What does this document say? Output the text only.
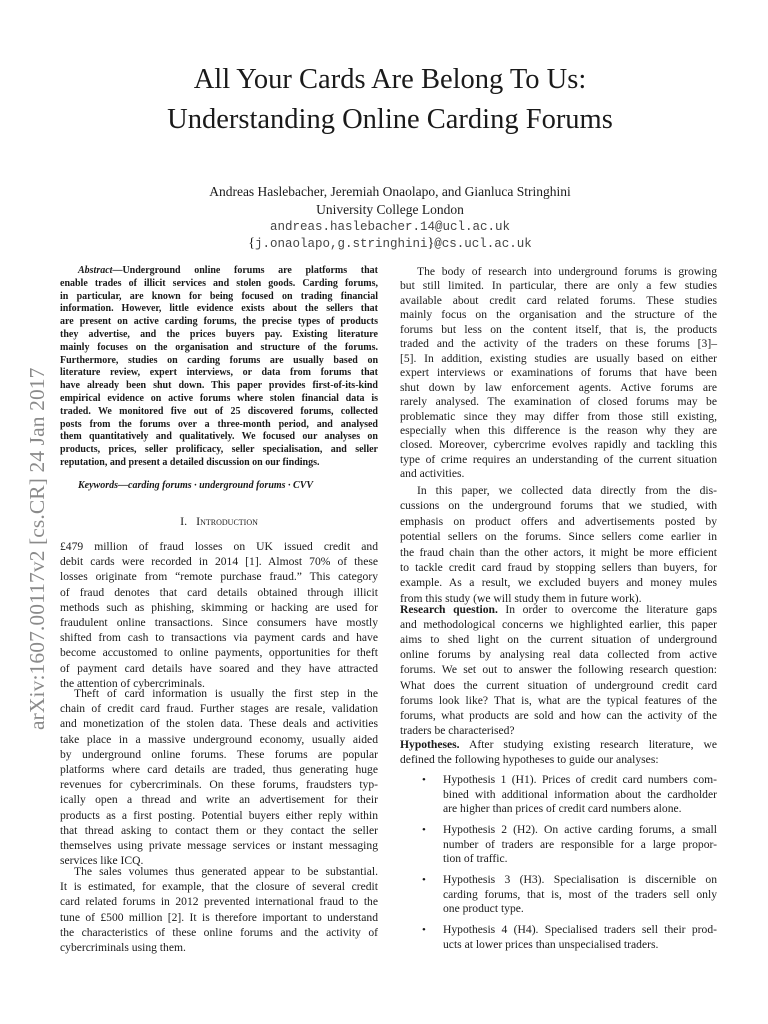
All Your Cards Are Belong To Us:
Understanding Online Carding Forums
Andreas Haslebacher, Jeremiah Onaolapo, and Gianluca Stringhini
University College London
andreas.haslebacher.14@ucl.ac.uk
{j.onaolapo,g.stringhini}@cs.ucl.ac.uk
arXiv:1607.00117v2 [cs.CR] 24 Jan 2017
Abstract—Underground online forums are platforms that
enable trades of illicit services and stolen goods. Carding forums,
in particular, are known for being focused on trading financial
information. However, little evidence exists about the sellers that
are present on active carding forums, the precise types of products
they advertise, and the prices buyers pay. Existing literature
mainly focuses on the organisation and structure of the forums.
Furthermore, studies on carding forums are usually based on
literature review, expert interviews, or data from forums that
have already been shut down. This paper provides first-of-its-kind
empirical evidence on active forums where stolen financial data is
traded. We monitored five out of 25 discovered forums, collected
posts from the forums over a three-month period, and analysed
them quantitatively and qualitatively. We focused our analyses on
products, prices, seller prolificacy, seller specialisation, and seller
reputation, and present a detailed discussion on our findings.
Keywords—carding forums · underground forums · CVV
I. Introduction
£479 million of fraud losses on UK issued credit and
debit cards were recorded in 2014 [1]. Almost 70% of these
losses originate from “remote purchase fraud.” This category
of fraud denotes that card details obtained through illicit
methods such as phishing, skimming or hacking are used for
fraudulent online transactions. Since consumers have mostly
shifted from cash to transactions via payment cards and have
become accustomed to online payments, opportunities for theft
of payment card details have soared and they have attracted
the attention of cybercriminals.
Theft of card information is usually the first step in the
chain of credit card fraud. Further stages are resale, validation
and monetization of the stolen data. These deals and activities
take place in a massive underground economy, usually aided
by underground online forums. These forums are popular
platforms where card details are traded, thus generating huge
revenues for cybercriminals. On these forums, fraudsters typ-
ically open a thread and write an advertisement for their
products as a first posting. Potential buyers either reply within
that thread asking to contact them or they contact the seller
themselves using private message services or instant messaging
services like ICQ.
The sales volumes thus generated appear to be substantial.
It is estimated, for example, that the closure of several credit
card related forums in 2012 prevented international fraud to the
tune of £500 million [2]. It is therefore important to understand
the characteristics of these online forums and the activity of
cybercriminals using them.
The body of research into underground forums is growing
but still limited. In particular, there are only a few studies
available about credit card related forums. These studies
mainly focus on the organisation and the structure of the
forums but less on the content itself, that is, the products
traded and the activity of the traders on these forums [3]–
[5]. In addition, existing studies are usually based on either
expert interviews or examinations of forums that have been
shut down by law enforcement agents. Active forums are
rarely analysed. The examination of closed forums may be
problematic since they may differ from those still existing,
especially when this difference is the reason why they are
closed. Moreover, cybercrime evolves rapidly and tackling this
type of crime requires an understanding of the current situation
and activities.
In this paper, we collected data directly from the dis-
cussions on the underground forums that we studied, with
emphasis on product offers and advertisements posted by
potential sellers on the forums. Since sellers come earlier in
the fraud chain than the other actors, it might be more efficient
to tackle credit card fraud by stopping sellers than buyers, for
example. As a result, we excluded buyers and money mules
from this study (we will study them in future work).
Research question. In order to overcome the literature gaps
and methodological concerns we highlighted earlier, this paper
aims to shed light on the current situation of underground
online forums by analysing real data collected from active
forums. We set out to answer the following research question:
What does the current situation of underground credit card
forums look like? That is, what are the typical features of the
forums, what products are sold and how can the activity of the
traders be characterised?
Hypotheses. After studying existing research literature, we
defined the following hypotheses to guide our analyses:
• Hypothesis 1 (H1). Prices of credit card numbers com-
bined with additional information about the cardholder
are higher than prices of credit card numbers alone.
• Hypothesis 2 (H2). On active carding forums, a small
number of traders are responsible for a large propor-
tion of traffic.
• Hypothesis 3 (H3). Specialisation is discernible on
carding forums, that is, most of the traders sell only
one product type.
• Hypothesis 4 (H4). Specialised traders sell their prod-
ucts at lower prices than unspecialised traders.
